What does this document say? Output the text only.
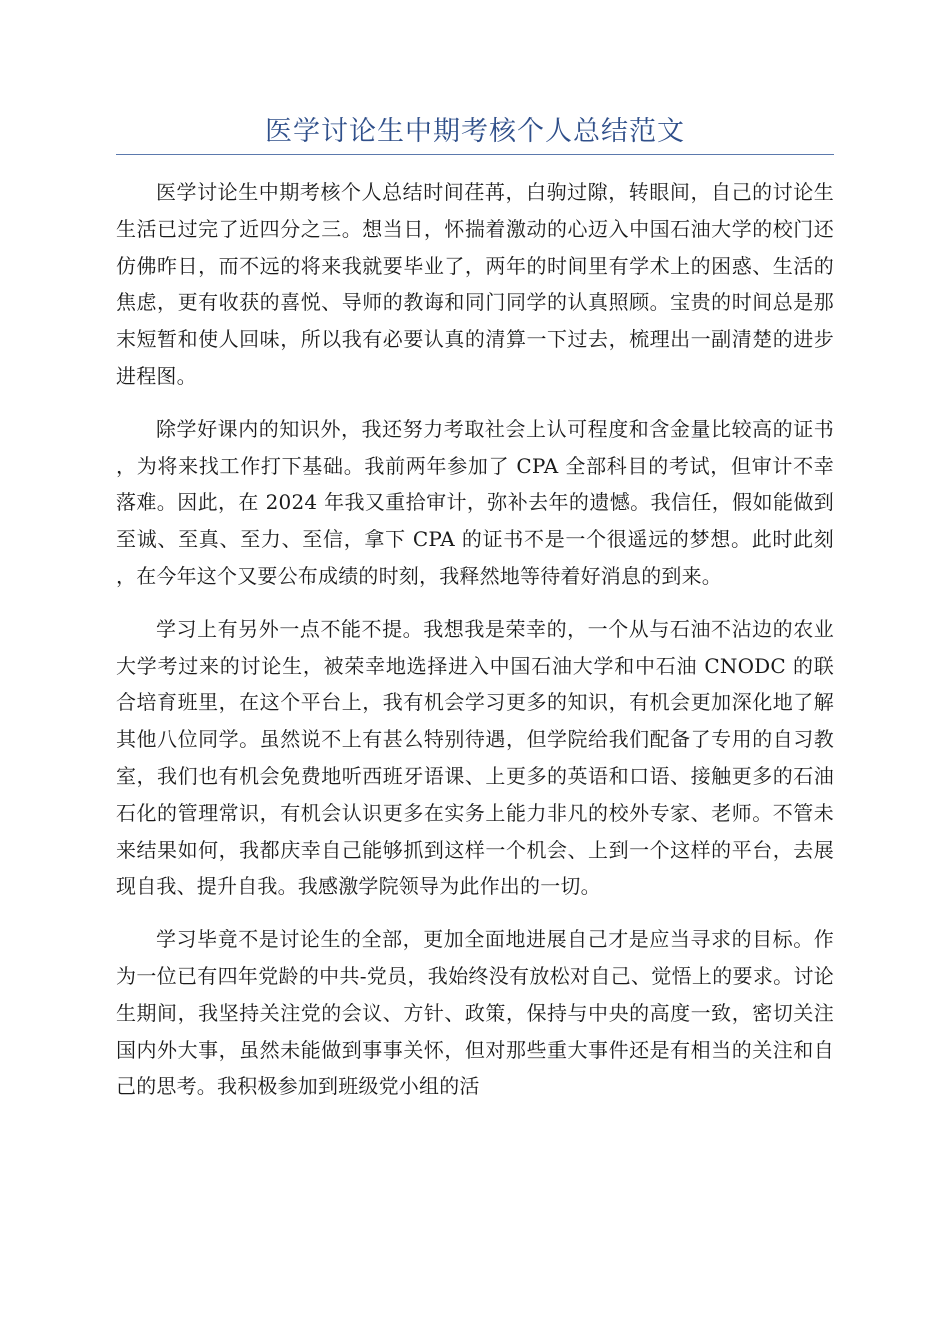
医学讨论生中期考核个人总结范文

医学讨论生中期考核个人总结时间荏苒，白驹过隙，转眼间，自己的讨论生生活已过完了近四分之三。想当日，怀揣着激动的心迈入中国石油大学的校门还仿佛昨日，而不远的将来我就要毕业了，两年的时间里有学术上的困惑、生活的焦虑，更有收获的喜悦、导师的教诲和同门同学的认真照顾。宝贵的时间总是那末短暂和使人回味，所以我有必要认真的清算一下过去，梳理出一副清楚的进步进程图。

除学好课内的知识外，我还努力考取社会上认可程度和含金量比较高的证书，为将来找工作打下基础。我前两年参加了 CPA 全部科目的考试，但审计不幸落难。因此，在 2024 年我又重拾审计，弥补去年的遗憾。我信任，假如能做到至诚、至真、至力、至信，拿下 CPA 的证书不是一个很遥远的梦想。此时此刻，在今年这个又要公布成绩的时刻，我释然地等待着好消息的到来。

学习上有另外一点不能不提。我想我是荣幸的，一个从与石油不沾边的农业大学考过来的讨论生，被荣幸地选择进入中国石油大学和中石油 CNODC 的联合培育班里，在这个平台上，我有机会学习更多的知识，有机会更加深化地了解其他八位同学。虽然说不上有甚么特别待遇，但学院给我们配备了专用的自习教室，我们也有机会免费地听西班牙语课、上更多的英语和口语、接触更多的石油石化的管理常识，有机会认识更多在实务上能力非凡的校外专家、老师。不管未来结果如何，我都庆幸自己能够抓到这样一个机会、上到一个这样的平台，去展现自我、提升自我。我感激学院领导为此作出的一切。

学习毕竟不是讨论生的全部，更加全面地进展自己才是应当寻求的目标。作为一位已有四年党龄的中共-党员，我始终没有放松对自己、觉悟上的要求。讨论生期间，我坚持关注党的会议、方针、政策，保持与中央的高度一致，密切关注国内外大事，虽然未能做到事事关怀，但对那些重大事件还是有相当的关注和自己的思考。我积极参加到班级党小组的活
